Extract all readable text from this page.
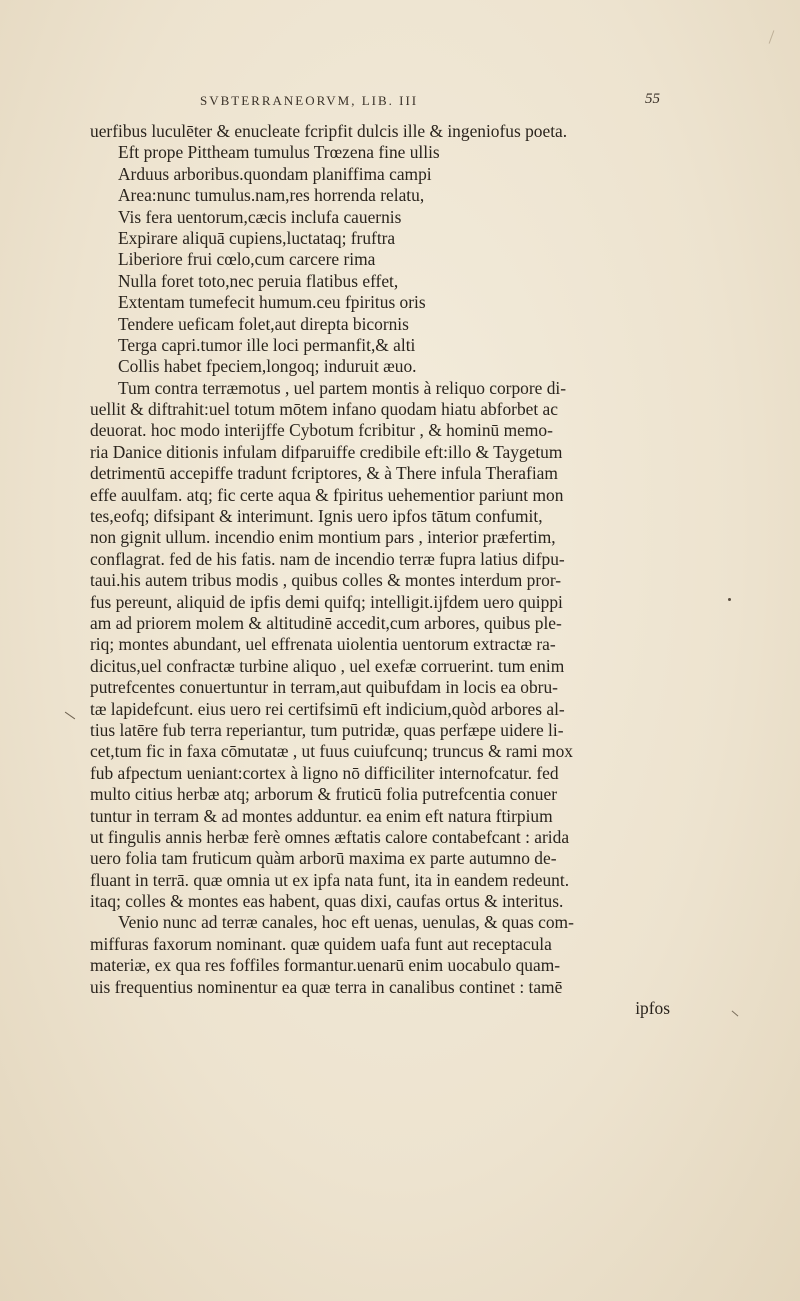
SVBTERRANEORVM, LIB. III	55
uerfibus luculēter & enucleate fcripfit dulcis ille & ingeniofus poeta.
Eft prope Pittheam tumulus Trœzena fine ullis
Arduus arboribus.quondam planiffima campi
Area:nunc tumulus.nam,res horrenda relatu,
Vis fera uentorum,cæcis inclufa cauernis
Expirare aliquā cupiens,luctataq; fruftra
Liberiore frui cœlo,cum carcere rima
Nulla foret toto,nec peruia flatibus effet,
Extentam tumefecit humum.ceu fpiritus oris
Tendere ueficam folet,aut direpta bicornis
Terga capri.tumor ille loci permanfit,& alti
Collis habet fpeciem,longoq; induruit æuo.
Tum contra terræmotus , uel partem montis à reliquo corpore di-
uellit & diftrahit:uel totum mōtem infano quodam hiatu abforbet ac
deuorat. hoc modo interijffe Cybotum fcribitur , & hominū memo-
ria Danice ditionis infulam difparuiffe credibile eft:illo & Taygetum
detrimentū accepiffe tradunt fcriptores, & à There infula Therafiam
effe auulfam. atq; fic certe aqua & fpiritus uehementior pariunt mon
tes,eofq; difsipant & interimunt. Ignis uero ipfos tātum confumit,
non gignit ullum. incendio enim montium pars , interior præfertim,
conflagrat. fed de his fatis. nam de incendio terræ fupra latius difpu-
taui.his autem tribus modis , quibus colles & montes interdum pror-
fus pereunt, aliquid de ipfis demi quifq; intelligit.ijfdem uero quippi
am ad priorem molem & altitudinē accedit,cum arbores, quibus ple-
riq; montes abundant, uel effrenata uiolentia uentorum extractæ ra-
dicitus,uel confractæ turbine aliquo , uel exefæ corruerint. tum enim
putrefcentes conuertuntur in terram,aut quibufdam in locis ea obru-
tæ lapidefcunt. eius uero rei certifsimū eft indicium,quòd arbores al-
tius latēre fub terra reperiantur, tum putridæ, quas perfæpe uidere li-
cet,tum fic in faxa cōmutatæ , ut fuus cuiufcunq; truncus & rami mox
fub afpectum ueniant:cortex à ligno nō difficiliter internofcatur. fed
multo citius herbæ atq; arborum & fruticū folia putrefcentia conuer
tuntur in terram & ad montes adduntur. ea enim eft natura ftirpium
ut fingulis annis herbæ ferè omnes æftatis calore contabefcant : arida
uero folia tam fruticum quàm arborū maxima ex parte autumno de-
fluant in terrā. quæ omnia ut ex ipfa nata funt, ita in eandem redeunt.
itaq; colles & montes eas habent, quas dixi, caufas ortus & interitus.
Venio nunc ad terræ canales, hoc eft uenas, uenulas, & quas com-
miffuras faxorum nominant. quæ quidem uafa funt aut receptacula
materiæ, ex qua res foffiles formantur.uenarū enim uocabulo quam-
uis frequentius nominentur ea quæ terra in canalibus continet : tamē
ipfos
